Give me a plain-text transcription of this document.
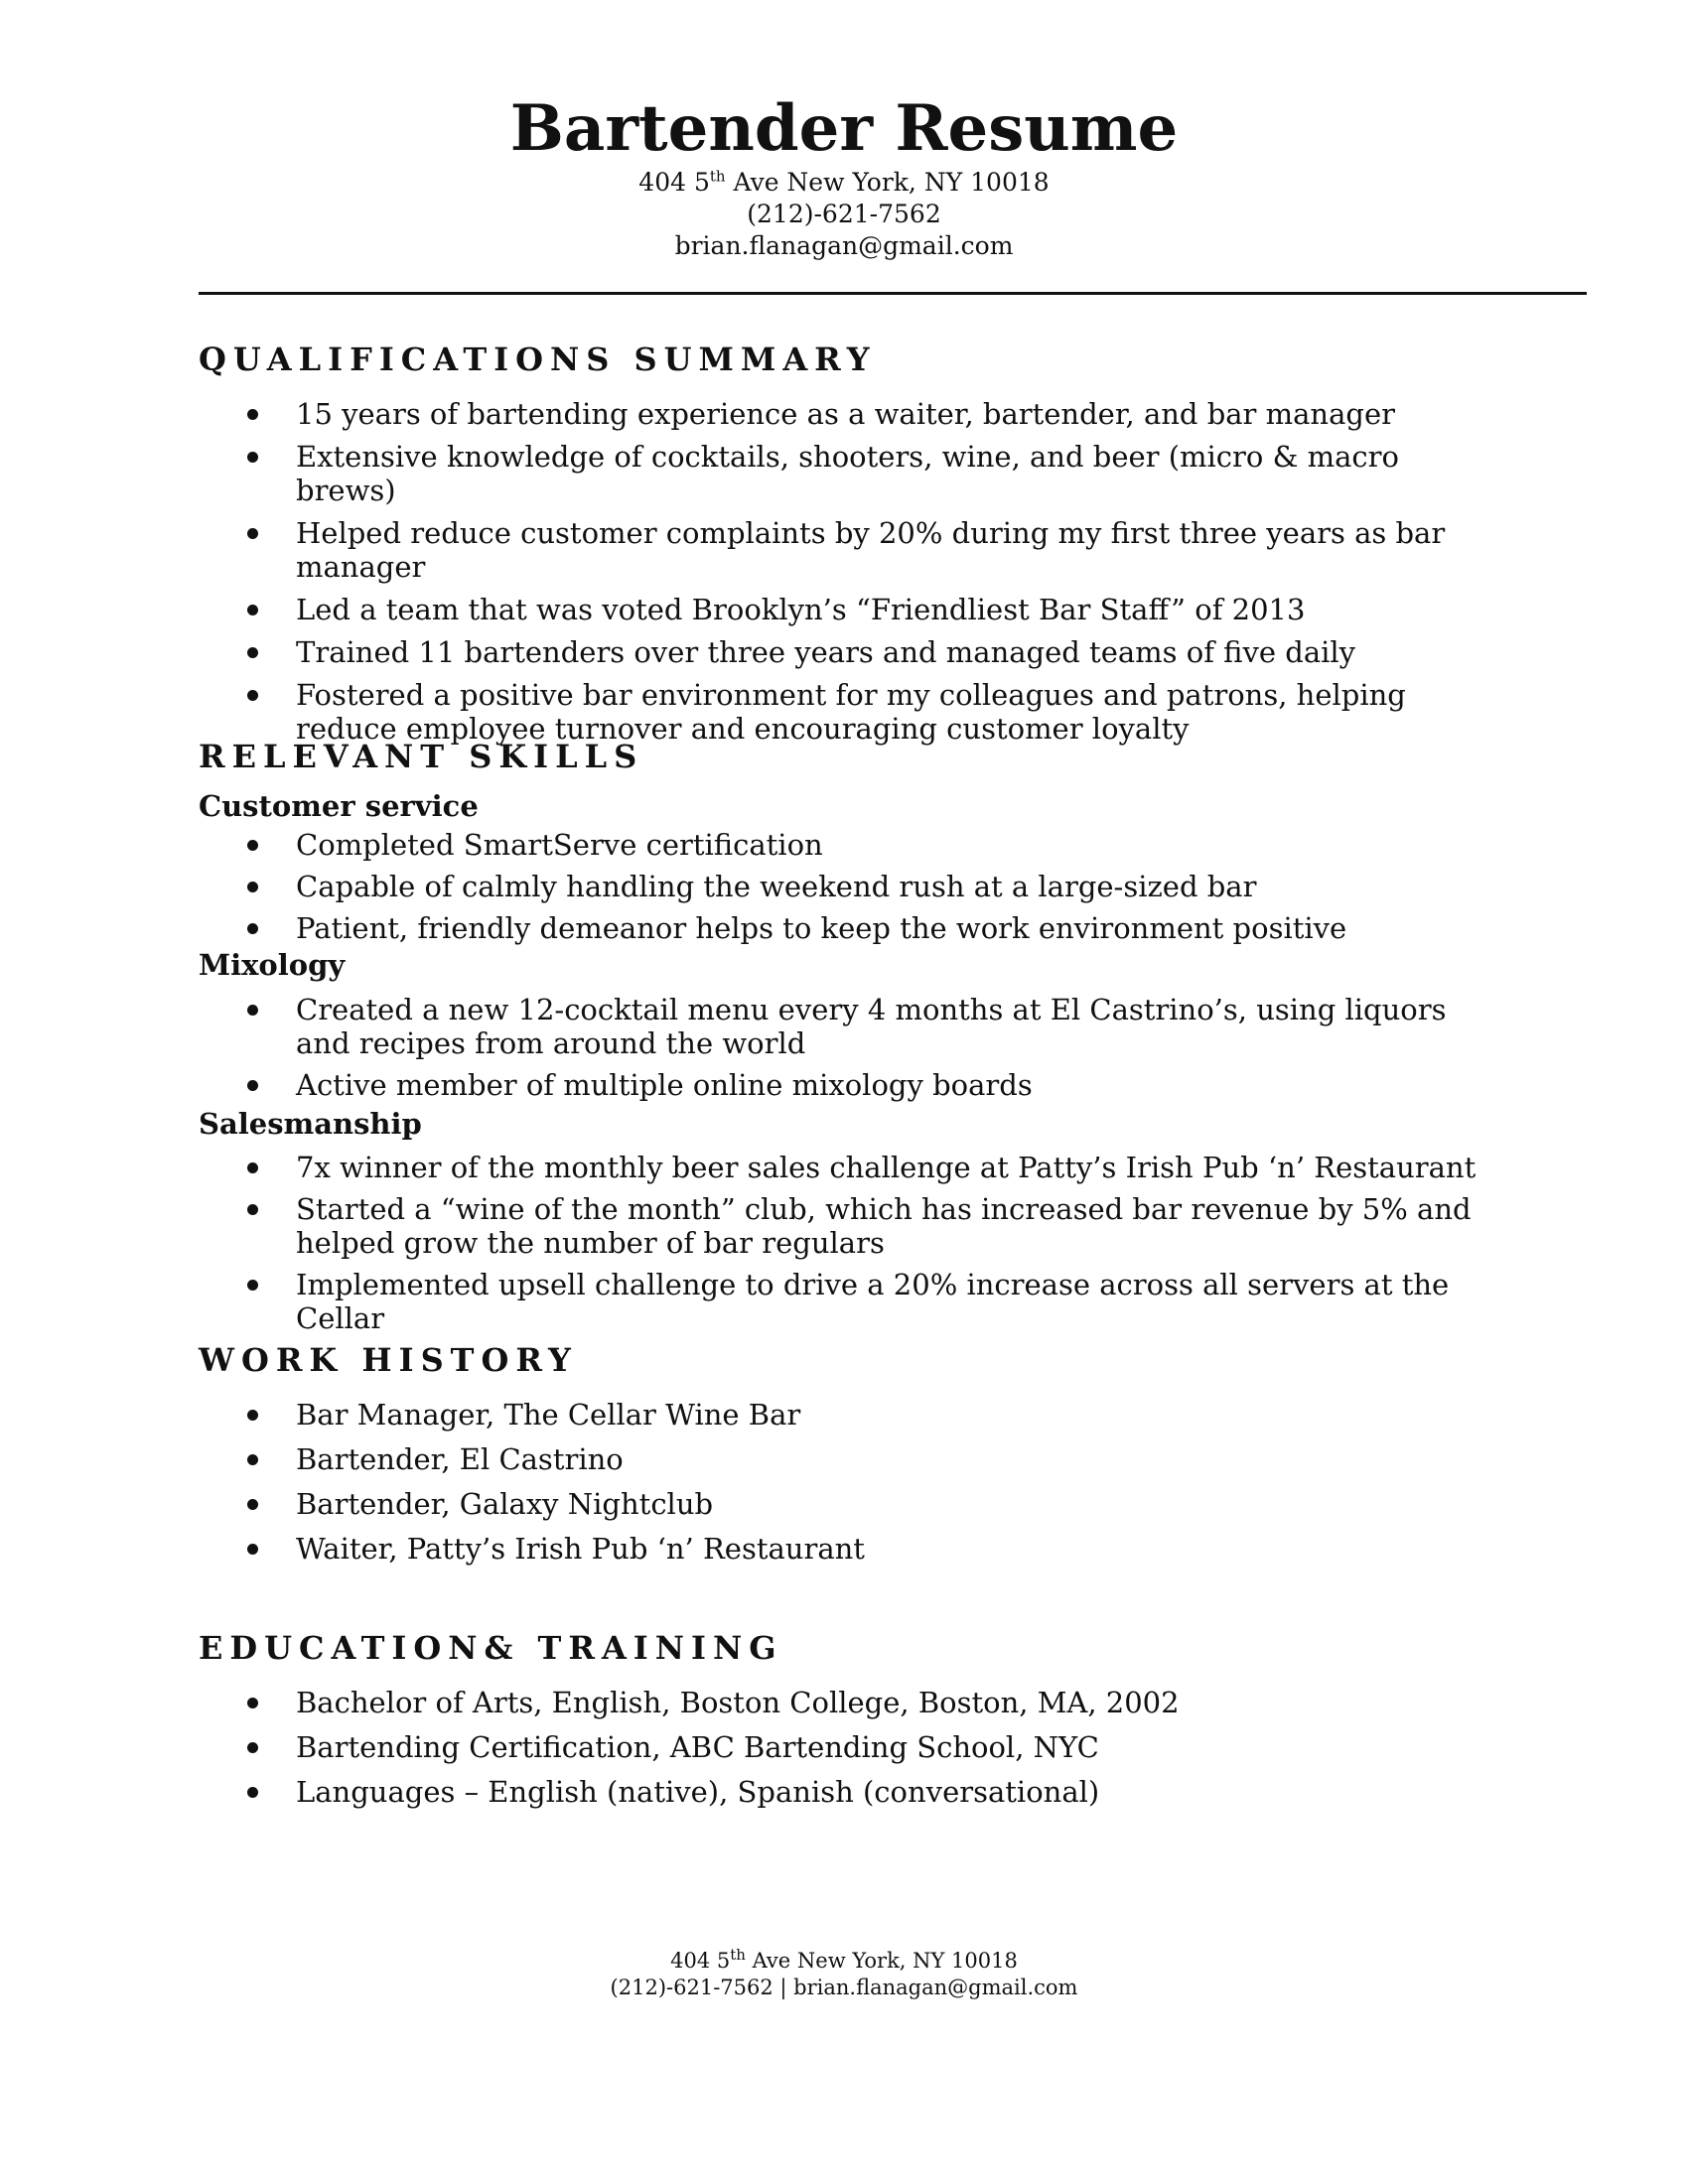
Bartender Resume
404 5th Ave New York, NY 10018
(212)-621-7562
brian.flanagan@gmail.com
QUALIFICATIONS SUMMARY
15 years of bartending experience as a waiter, bartender, and bar manager
Extensive knowledge of cocktails, shooters, wine, and beer (micro & macro brews)
Helped reduce customer complaints by 20% during my first three years as bar manager
Led a team that was voted Brooklyn’s “Friendliest Bar Staff” of 2013
Trained 11 bartenders over three years and managed teams of five daily
Fostered a positive bar environment for my colleagues and patrons, helping reduce employee turnover and encouraging customer loyalty
RELEVANT SKILLS
Customer service
Completed SmartServe certification
Capable of calmly handling the weekend rush at a large-sized bar
Patient, friendly demeanor helps to keep the work environment positive
Mixology
Created a new 12-cocktail menu every 4 months at El Castrino’s, using liquors and recipes from around the world
Active member of multiple online mixology boards
Salesmanship
7x winner of the monthly beer sales challenge at Patty’s Irish Pub ‘n’ Restaurant
Started a “wine of the month” club, which has increased bar revenue by 5% and helped grow the number of bar regulars
Implemented upsell challenge to drive a 20% increase across all servers at the Cellar
WORK HISTORY
Bar Manager, The Cellar Wine Bar
Bartender, El Castrino
Bartender, Galaxy Nightclub
Waiter, Patty’s Irish Pub ‘n’ Restaurant
EDUCATION& TRAINING
Bachelor of Arts, English, Boston College, Boston, MA, 2002
Bartending Certification, ABC Bartending School, NYC
Languages – English (native), Spanish (conversational)
404 5th Ave New York, NY 10018
(212)-621-7562 | brian.flanagan@gmail.com
